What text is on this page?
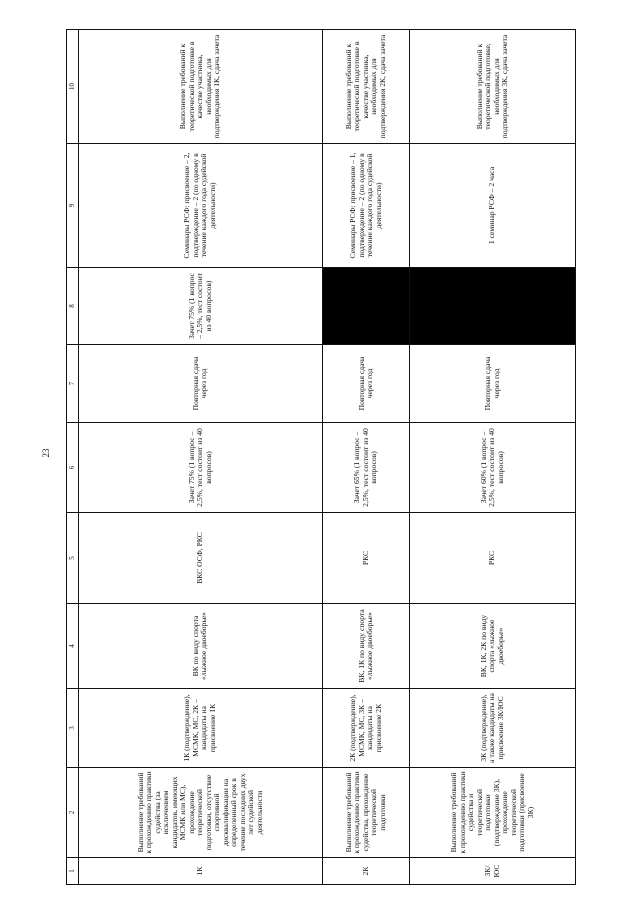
23
1	2	3	4	5	6	7	8	9	10
1К	Выполнение требований к прохождению практики судейства (за исключением кандидатов, имеющих МСМК или МС), прохождение теоретической подготовки, отсутствие спортивной дисквалификации на определенный срок в течение последних двух лет судейской деятельности	1К (подтверждение), МСМК, МС, 2К – кандидаты на присвоение 1К	ВК по виду спорта «лыжное двоеборье»	ВКС ОСФ, РКС	Зачет 75% (1 вопрос – 2,5%, тест состоит из 40 вопросов)	Повторная сдача через год	Зачет 75% (1 вопрос – 2,5%, тест состоит из 40 вопросов)	Семинары РСФ: присвоение – 2, подтверждение – 2 (по одному в течение каждого года судейской деятельности)	Выполнение требований к теоретической подготовке в качестве участника, необходимых для подтверждения 1К, сдача зачета
2К	Выполнение требований к прохождению практики судейства, прохождение теоретической подготовки	2К (подтверждение), МСМК, МС, 3К – кандидаты на присвоение 2К	ВК, 1К по виду спорта «лыжное двоеборье»	РКС	Зачет 65% (1 вопрос – 2,5%, тест состоит из 40 вопросов)	Повторная сдача через год		Семинары РСФ: присвоение – 1, подтверждение – 2 (по одному в течение каждого года судейской деятельности)	Выполнение требований к теоретической подготовке в качестве участника, необходимых для подтверждения 2К, сдача зачета
3К/ЮС	Выполнение требований к прохождению практики судейства и теоретической подготовки (подтверждение 3К), прохождение теоретической подготовки (присвоение 3К)	3К (подтверждение), а также кандидаты на присвоение 3К/ЮС	ВК, 1К, 2К по виду спорта «лыжное двоеборье»	РКС	Зачет 60% (1 вопрос – 2,5%, тест состоит из 40 вопросов)	Повторная сдача через год		1 семинар РСФ – 2 часа	Выполнение требований к теоретической подготовке, необходимых для подтверждения 3К, сдача зачета
